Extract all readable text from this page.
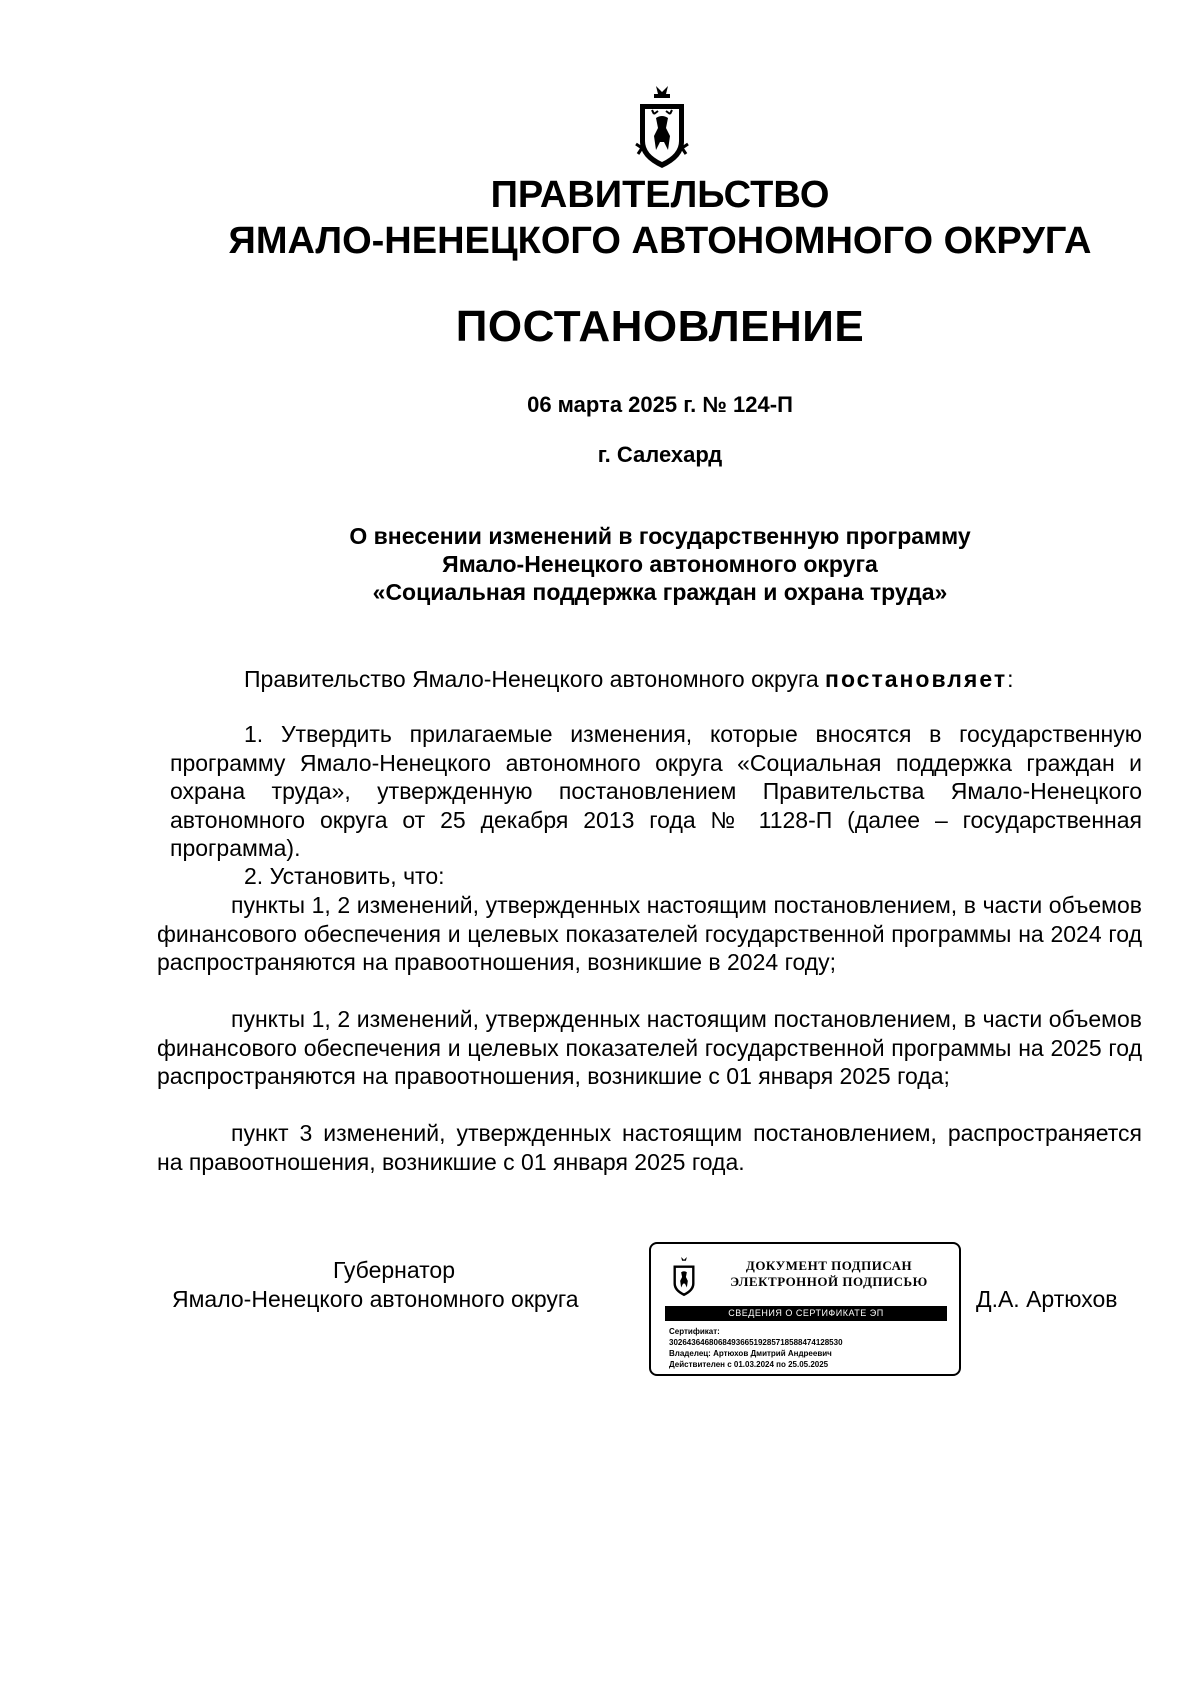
ПРАВИТЕЛЬСТВО
ЯМАЛО-НЕНЕЦКОГО АВТОНОМНОГО ОКРУГА
ПОСТАНОВЛЕНИЕ
06 марта 2025 г. № 124-П
г. Салехард
О внесении изменений в государственную программу
Ямало-Ненецкого автономного округа
«Социальная поддержка граждан и охрана труда»
Правительство Ямало-Ненецкого автономного округа постановляет:
1. Утвердить прилагаемые изменения, которые вносятся в государственную программу Ямало-Ненецкого автономного округа «Социальная поддержка граждан и охрана труда», утвержденную постановлением Правительства Ямало-Ненецкого автономного округа от 25 декабря 2013 года № 1128-П (далее – государственная программа).
2. Установить, что:
пункты 1, 2 изменений, утвержденных настоящим постановлением, в части объемов финансового обеспечения и целевых показателей государственной программы на 2024 год распространяются на правоотношения, возникшие в 2024 году;
пункты 1, 2 изменений, утвержденных настоящим постановлением, в части объемов финансового обеспечения и целевых показателей государственной программы на 2025 год распространяются на правоотношения, возникшие с 01 января 2025 года;
пункт 3 изменений, утвержденных настоящим постановлением, распространяется на правоотношения, возникшие с 01 января 2025 года.
Губернатор
Ямало-Ненецкого автономного округа
ДОКУМЕНТ ПОДПИСАН
ЭЛЕКТРОННОЙ ПОДПИСЬЮ
СВЕДЕНИЯ О СЕРТИФИКАТЕ ЭП
Сертификат:
302643646806849366519285718588474128530
Владелец: Артюхов Дмитрий Андреевич
Действителен с 01.03.2024 по 25.05.2025
Д.А. Артюхов
